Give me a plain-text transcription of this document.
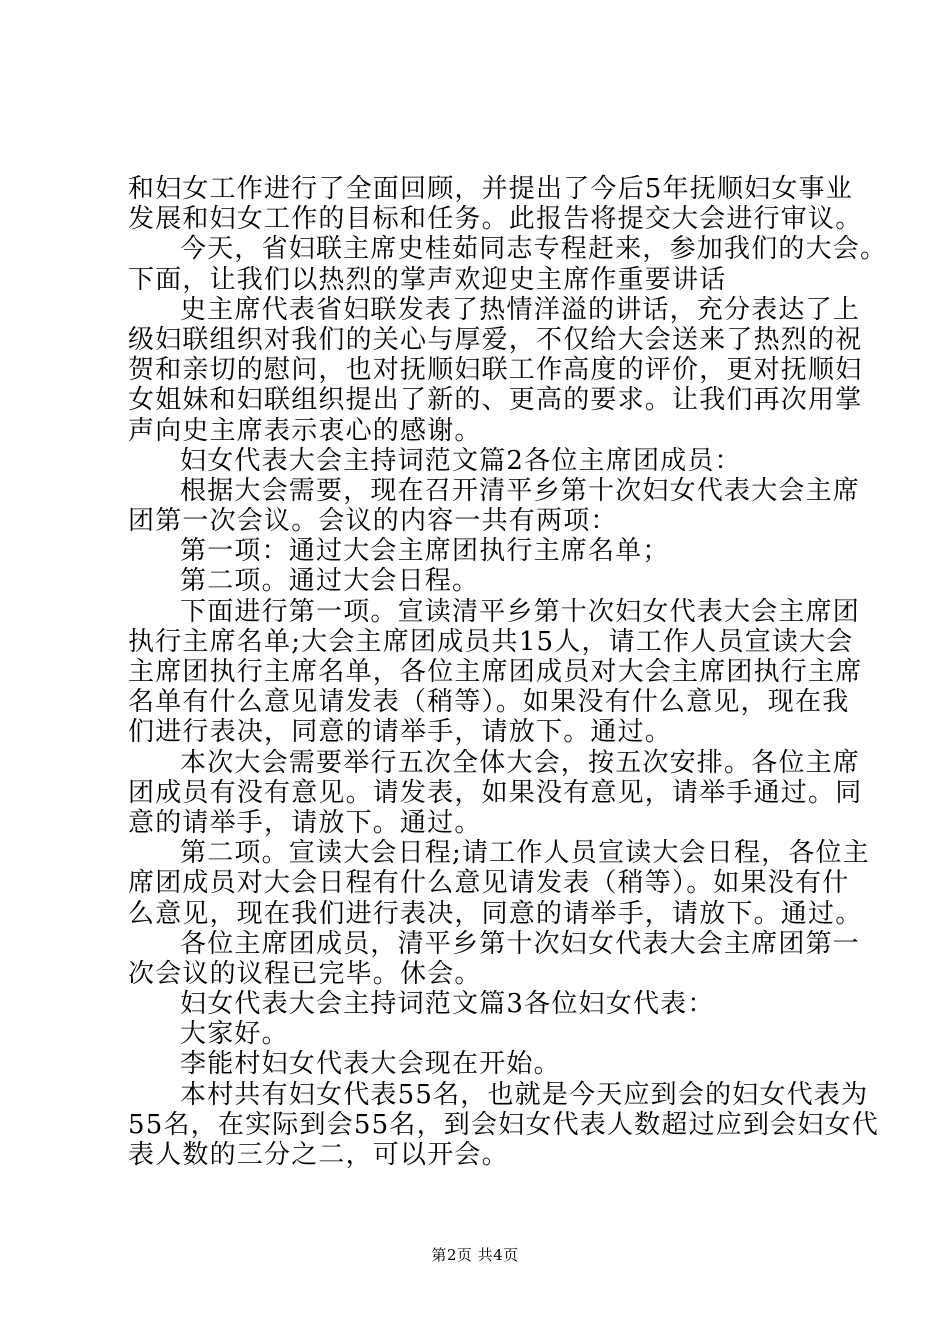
和妇女工作进行了全面回顾，并提出了今后5年抚顺妇女事业
发展和妇女工作的目标和任务。此报告将提交大会进行审议。
今天，省妇联主席史桂茹同志专程赶来，参加我们的大会。
下面，让我们以热烈的掌声欢迎史主席作重要讲话
史主席代表省妇联发表了热情洋溢的讲话，充分表达了上
级妇联组织对我们的关心与厚爱，不仅给大会送来了热烈的祝
贺和亲切的慰问，也对抚顺妇联工作高度的评价，更对抚顺妇
女姐妹和妇联组织提出了新的、更高的要求。让我们再次用掌
声向史主席表示衷心的感谢。
妇女代表大会主持词范文篇2各位主席团成员：
根据大会需要，现在召开清平乡第十次妇女代表大会主席
团第一次会议。会议的内容一共有两项：
第一项：通过大会主席团执行主席名单；
第二项。通过大会日程。
下面进行第一项。宣读清平乡第十次妇女代表大会主席团
执行主席名单;大会主席团成员共15人，请工作人员宣读大会
主席团执行主席名单，各位主席团成员对大会主席团执行主席
名单有什么意见请发表（稍等）。如果没有什么意见，现在我
们进行表决，同意的请举手，请放下。通过。
本次大会需要举行五次全体大会，按五次安排。各位主席
团成员有没有意见。请发表，如果没有意见，请举手通过。同
意的请举手，请放下。通过。
第二项。宣读大会日程;请工作人员宣读大会日程，各位主
席团成员对大会日程有什么意见请发表（稍等）。如果没有什
么意见，现在我们进行表决，同意的请举手，请放下。通过。
各位主席团成员，清平乡第十次妇女代表大会主席团第一
次会议的议程已完毕。休会。
妇女代表大会主持词范文篇3各位妇女代表：
大家好。
李能村妇女代表大会现在开始。
本村共有妇女代表55名，也就是今天应到会的妇女代表为
55名，在实际到会55名，到会妇女代表人数超过应到会妇女代
表人数的三分之二，可以开会。
第2页 共4页
